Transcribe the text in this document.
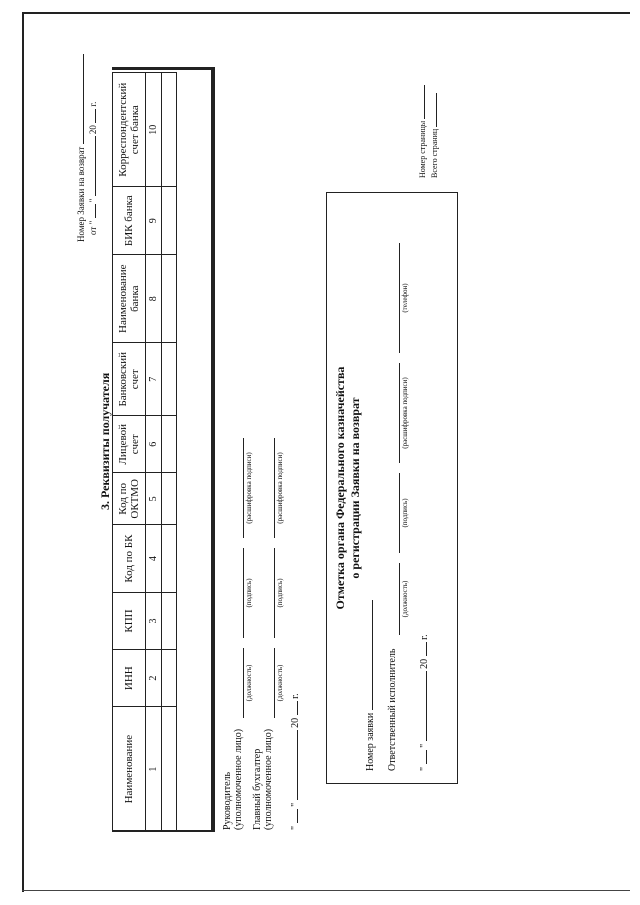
Номер Заявки на возврат от "  "  20  г.
Номер страницы Всего страниц
3. Реквизиты получателя
Наименование	ИНН	КПП	Код по БК	Код по ОКТМО	Лицевой счет	Банковский счет	Наименование банка	БИК банка	Корреспондентский счет банка
1	2	3	4	5	6	7	8	9	10

Руководитель (уполномоченное лицо)
(должность)
(подпись)
(расшифровка подписи)
Главный бухгалтер (уполномоченное лицо)
(должность)
(подпись)
(расшифровка подписи)
"  "  20  г.
Отметка органа Федерального казначейства о регистрации Заявки на возврат
Номер заявки Ответственный исполнитель
(должность)
(подпись)
(расшифровка подписи)
(телефон)
"  "  20  г.
